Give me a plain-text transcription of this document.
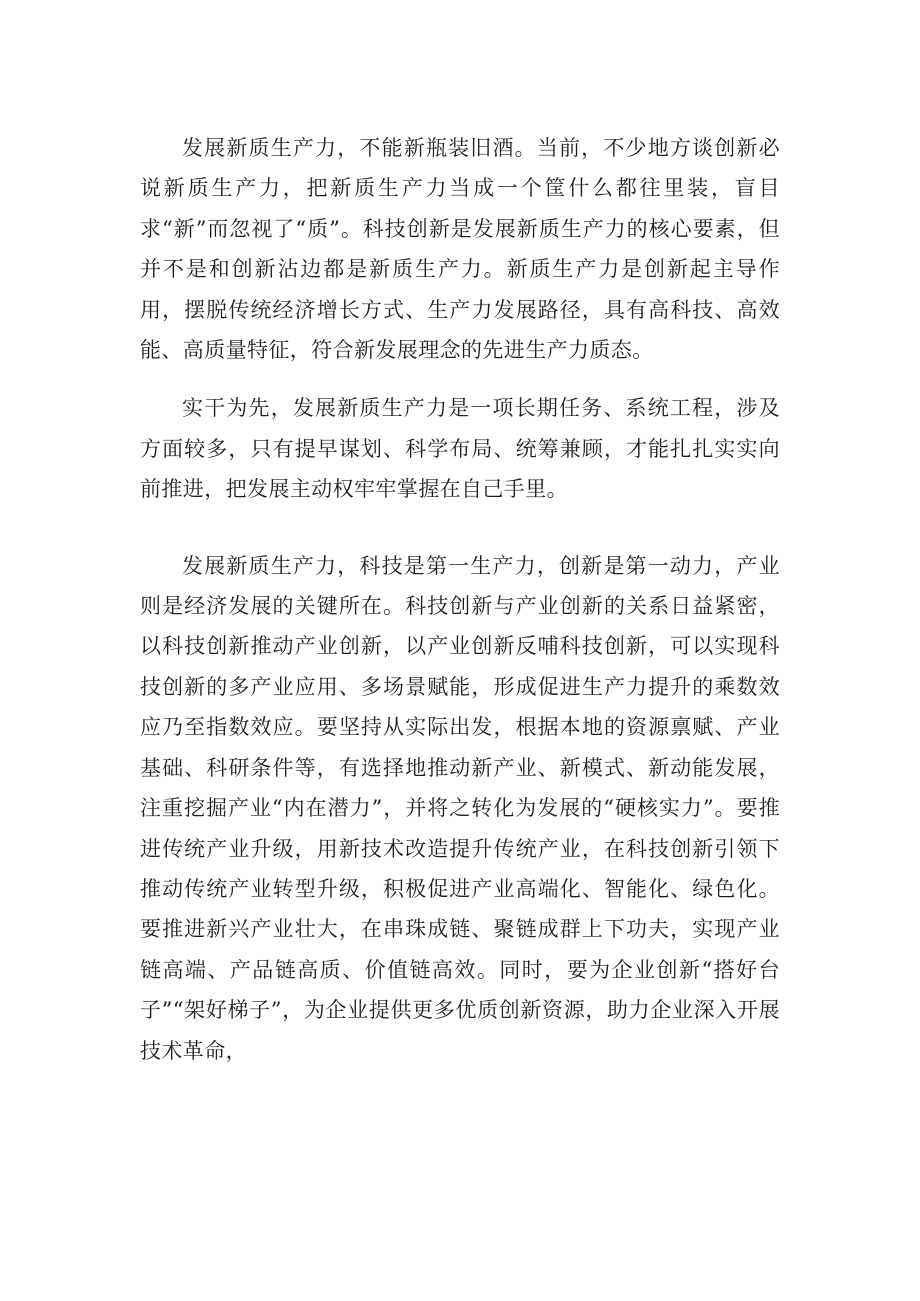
发展新质生产力，不能新瓶装旧酒。当前，不少地方谈创新必说新质生产力，把新质生产力当成一个筐什么都往里装，盲目求“新”而忽视了“质”。科技创新是发展新质生产力的核心要素，但并不是和创新沾边都是新质生产力。新质生产力是创新起主导作用，摆脱传统经济增长方式、生产力发展路径，具有高科技、高效能、高质量特征，符合新发展理念的先进生产力质态。

实干为先，发展新质生产力是一项长期任务、系统工程，涉及方面较多，只有提早谋划、科学布局、统筹兼顾，才能扎扎实实向前推进，把发展主动权牢牢掌握在自己手里。

发展新质生产力，科技是第一生产力，创新是第一动力，产业则是经济发展的关键所在。科技创新与产业创新的关系日益紧密，以科技创新推动产业创新，以产业创新反哺科技创新，可以实现科技创新的多产业应用、多场景赋能，形成促进生产力提升的乘数效应乃至指数效应。要坚持从实际出发，根据本地的资源禀赋、产业基础、科研条件等，有选择地推动新产业、新模式、新动能发展，注重挖掘产业“内在潜力”，并将之转化为发展的“硬核实力”。要推进传统产业升级，用新技术改造提升传统产业，在科技创新引领下推动传统产业转型升级，积极促进产业高端化、智能化、绿色化。要推进新兴产业壮大，在串珠成链、聚链成群上下功夫，实现产业链高端、产品链高质、价值链高效。同时，要为企业创新“搭好台子”“架好梯子”，为企业提供更多优质创新资源，助力企业深入开展技术革命，
